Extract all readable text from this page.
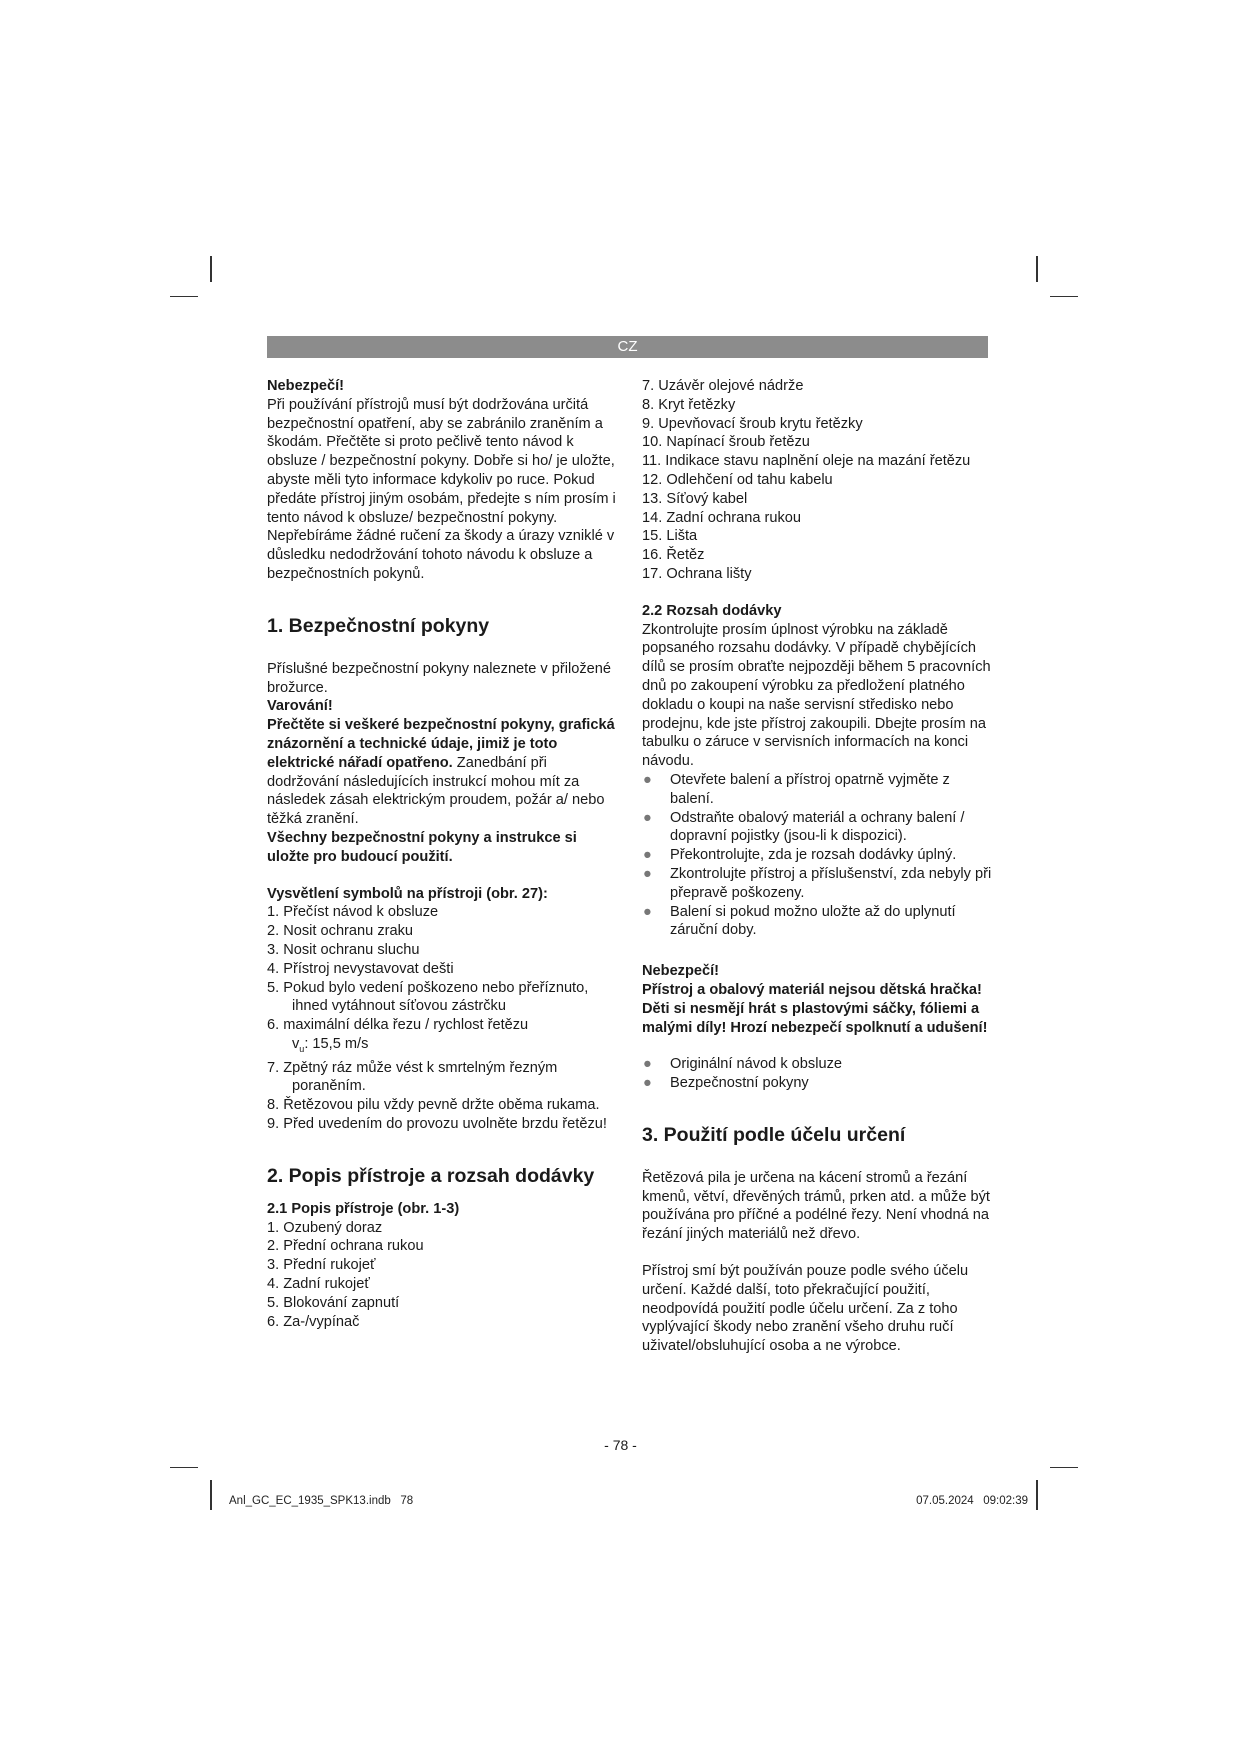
CZ

Nebezpečí!

Při používání přístrojů musí být dodržována určitá bezpečnostní opatření, aby se zabránilo zraněním a škodám. Přečtěte si proto pečlivě tento návod k obsluze / bezpečnostní pokyny. Dobře si ho/ je uložte, abyste měli tyto informace kdykoliv po ruce. Pokud předáte přístroj jiným osobám, předejte s ním prosím i tento návod k obsluze/ bezpečnostní pokyny. Nepřebíráme žádné ručení za škody a úrazy vzniklé v důsledku nedodržování tohoto návodu k obsluze a bezpečnostních pokynů.

1. Bezpečnostní pokyny

Příslušné bezpečnostní pokyny naleznete v přiložené brožurce.

Varování!

Přečtěte si veškeré bezpečnostní pokyny, grafická znázornění a technické údaje, jimiž je toto elektrické nářadí opatřeno. Zanedbání při dodržování následujících instrukcí mohou mít za následek zásah elektrickým proudem, požár a/ nebo těžká zranění.

Všechny bezpečnostní pokyny a instrukce si uložte pro budoucí použití.

Vysvětlení symbolů na přístroji (obr. 27):
1. Přečíst návod k obsluze
2. Nosit ochranu zraku
3. Nosit ochranu sluchu
4. Přístroj nevystavovat dešti
5. Pokud bylo vedení poškozeno nebo přeříznuto, ihned vytáhnout síťovou zástrčku
6. maximální délka řezu / rychlost řetězu
$v_u$: 15,5 m/s
7. Zpětný ráz může vést k smrtelným řezným poraněním.
8. Řetězovou pilu vždy pevně držte oběma rukama.
9. Před uvedením do provozu uvolněte brzdu řetězu!
2. Popis přístroje a rozsah dodávky
2.1 Popis přístroje (obr. 1-3)
1. Ozubený doraz
2. Přední ochrana rukou
3. Přední rukojeť
4. Zadní rukojeť
5. Blokování zapnutí
6. Za-/vypínač
7. Uzávěr olejové nádrže
8. Kryt řetězky
9. Upevňovací šroub krytu řetězky
10. Napínací šroub řetězu
11. Indikace stavu naplnění oleje na mazání řetězu
12. Odlehčení od tahu kabelu
13. Síťový kabel
14. Zadní ochrana rukou
15. Lišta
16. Řetěz
17. Ochrana lišty
2.2 Rozsah dodávky

Zkontrolujte prosím úplnost výrobku na základě popsaného rozsahu dodávky. V případě chybějících dílů se prosím obraťte nejpozději během 5 pracovních dnů po zakoupení výrobku za předložení platného dokladu o koupi na naše servisní středisko nebo prodejnu, kde jste přístroj zakoupili. Dbejte prosím na tabulku o záruce v servisních informacích na konci návodu.

● Otevřete balení a přístroj opatrně vyjměte z balení.
● Odstraňte obalový materiál a ochrany balení / dopravní pojistky (jsou-li k dispozici).
● Překontrolujte, zda je rozsah dodávky úplný.
● Zkontrolujte přístroj a příslušenství, zda nebyly při přepravě poškozeny.
● Balení si pokud možno uložte až do uplynutí záruční doby.

Nebezpečí!

Přístroj a obalový materiál nejsou dětská hračka! Děti si nesmějí hrát s plastovými sáčky, fóliemi a malými díly! Hrozí nebezpečí spolknutí a udušení!

● Originální návod k obsluze
● Bezpečnostní pokyny
3. Použití podle účelu určení

Řetězová pila je určena na kácení stromů a řezání kmenů, větví, dřevěných trámů, prken atd. a může být používána pro příčné a podélné řezy. Není vhodná na řezání jiných materiálů než dřevo.

Přístroj smí být používán pouze podle svého účelu určení. Každé další, toto překračující použití, neodpovídá použití podle účelu určení. Za z toho vyplývající škody nebo zranění všeho druhu ručí uživatel/obsluhující osoba a ne výrobce.

- 78 -
Anl_GC_EC_1935_SPK13.indb   78	07.05.2024   09:02:39
